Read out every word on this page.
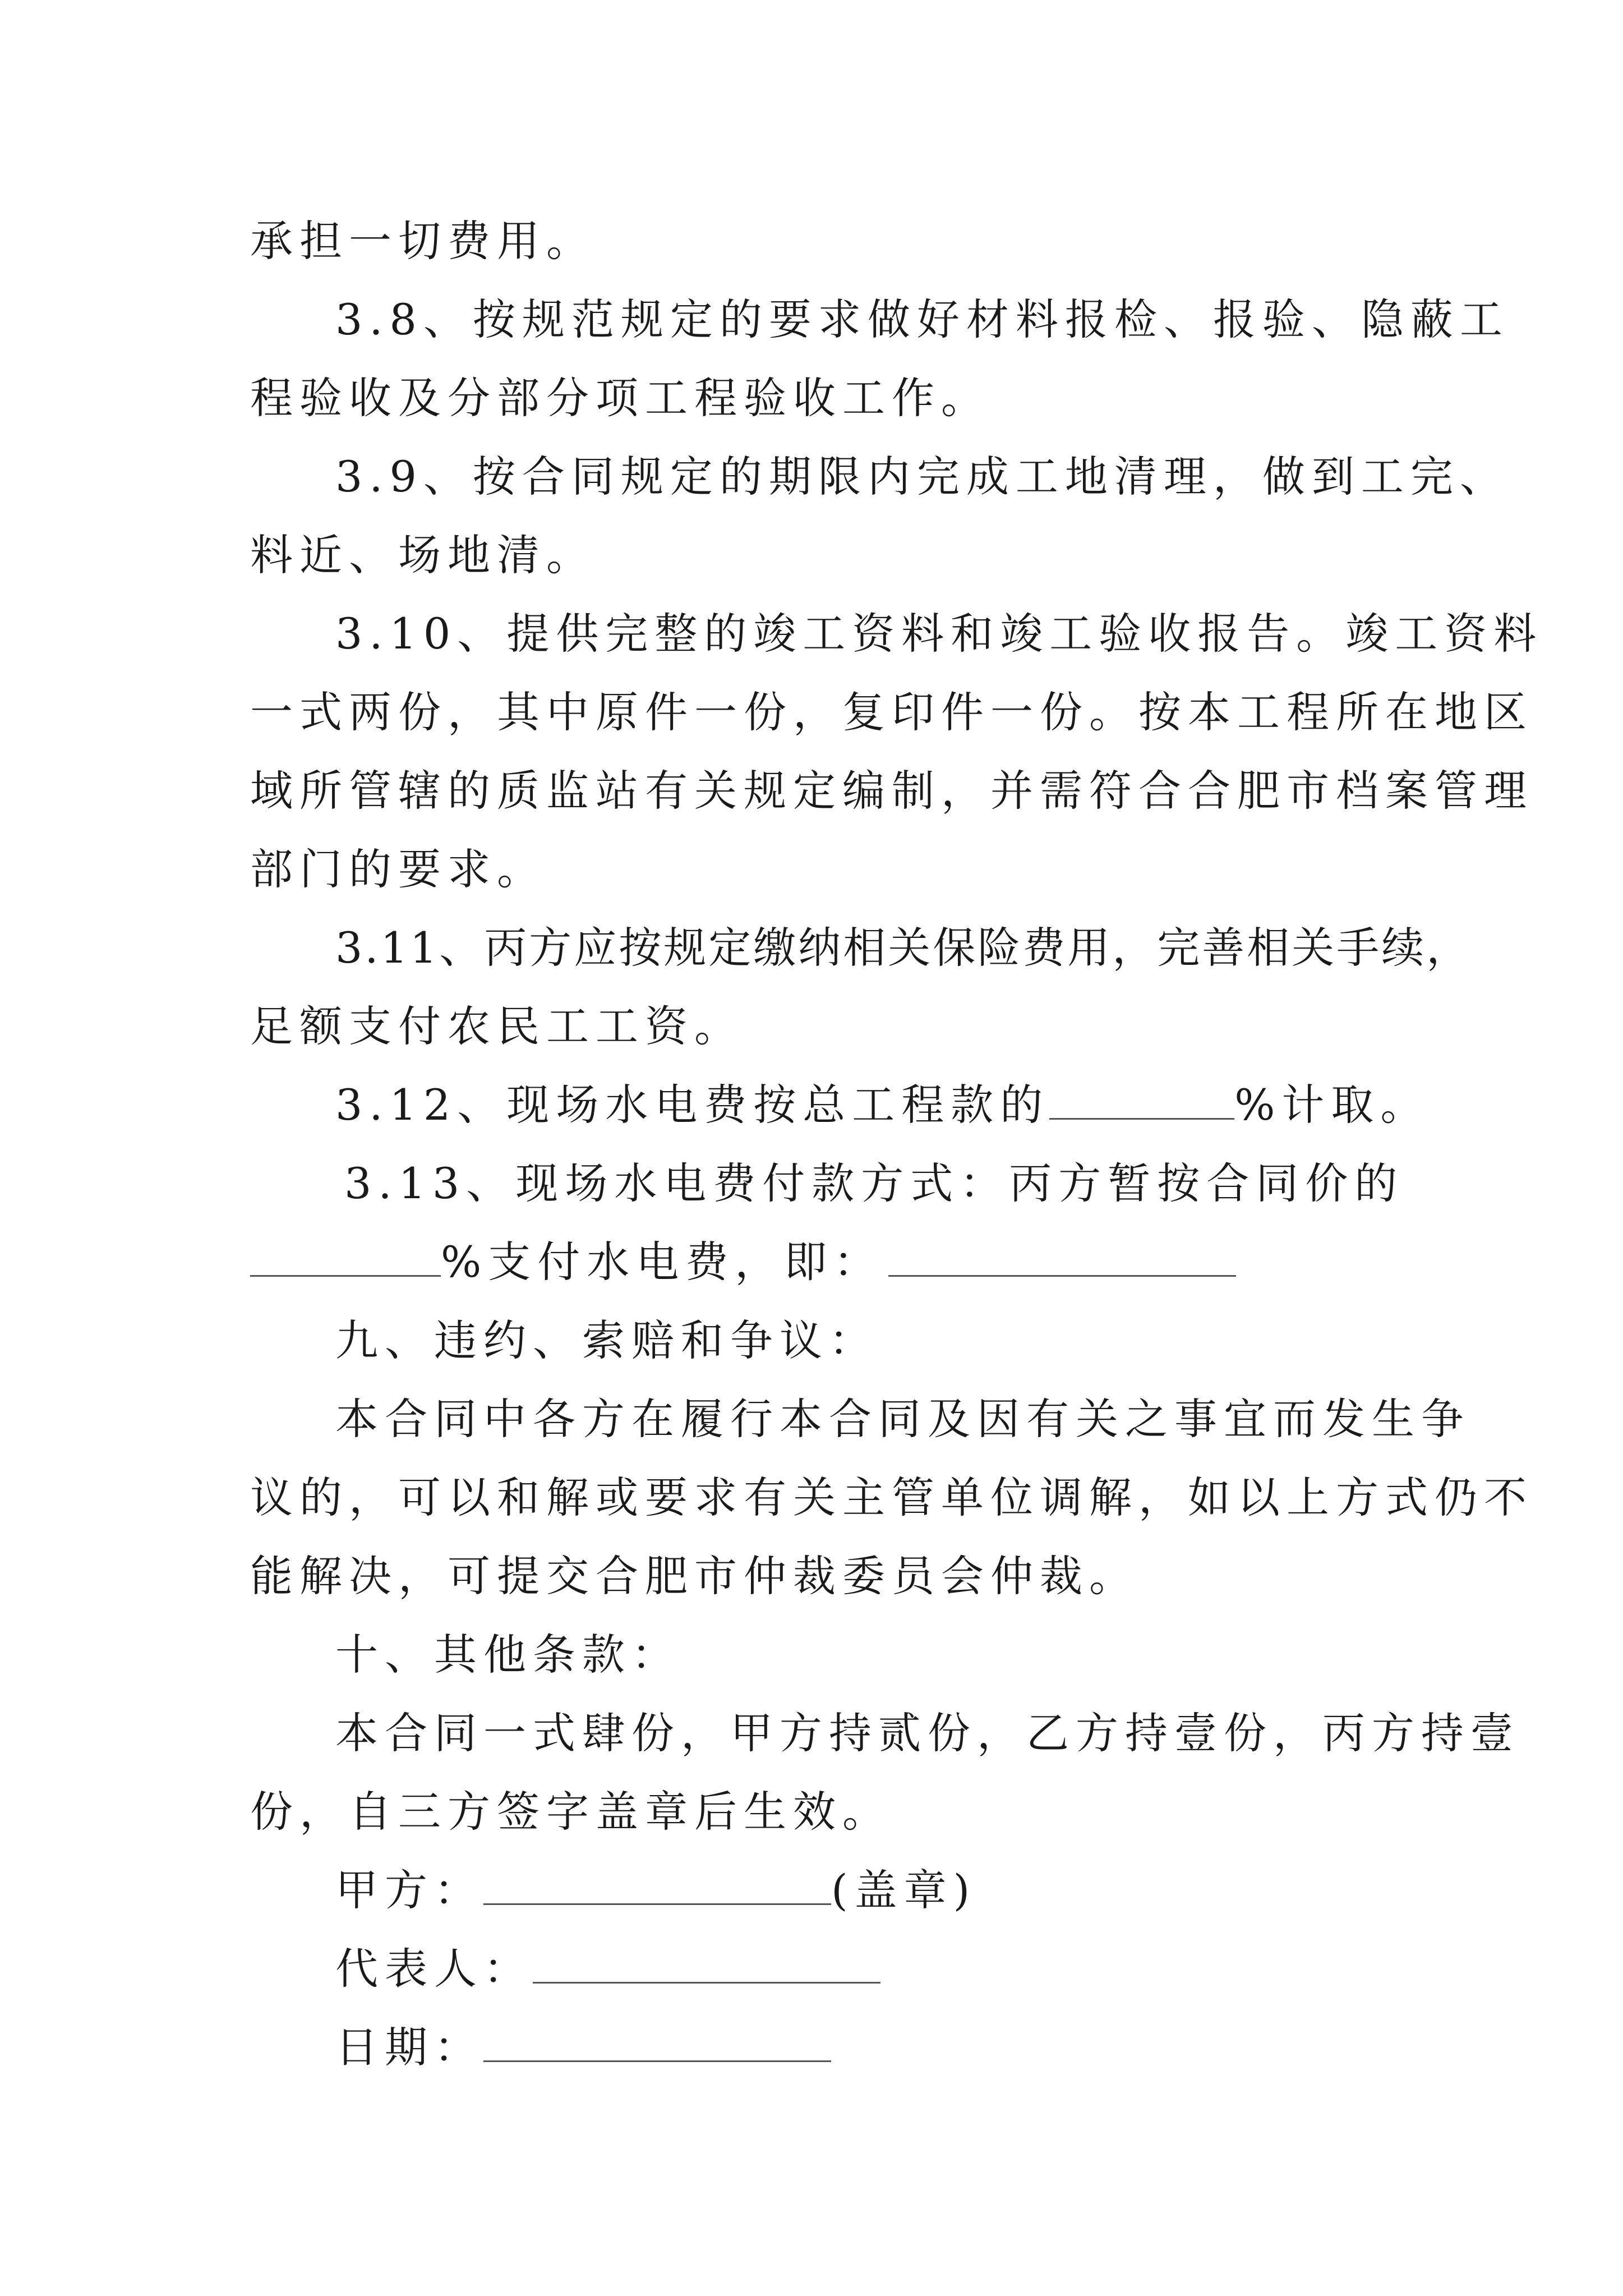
承担一切费用。
3.8、按规范规定的要求做好材料报检、报验、隐蔽工
程验收及分部分项工程验收工作。
3.9、按合同规定的期限内完成工地清理，做到工完、
料近、场地清。
3.10、提供完整的竣工资料和竣工验收报告。竣工资料
一式两份，其中原件一份，复印件一份。按本工程所在地区
域所管辖的质监站有关规定编制，并需符合合肥市档案管理
部门的要求。
3.11、丙方应按规定缴纳相关保险费用，完善相关手续，
足额支付农民工工资。
3.12、现场水电费按总工程款的	%计取。
3.13、现场水电费付款方式：丙方暂按合同价的
%支付水电费，即：
九、违约、索赔和争议：
本合同中各方在履行本合同及因有关之事宜而发生争
议的，可以和解或要求有关主管单位调解，如以上方式仍不
能解决，可提交合肥市仲裁委员会仲裁。
十、其他条款：
本合同一式肆份，甲方持贰份，乙方持壹份，丙方持壹
份，自三方签字盖章后生效。
甲方：	(盖章)
代表人：
日期：
